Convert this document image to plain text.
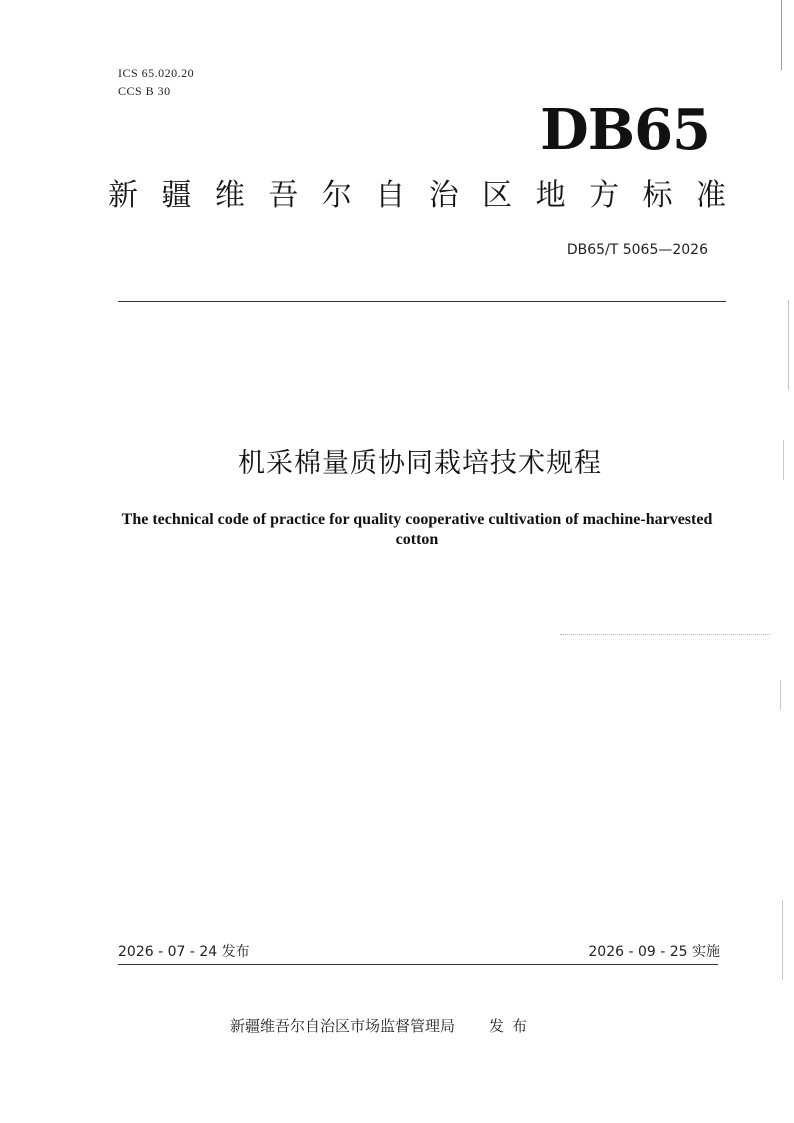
ICS 65.020.20
CCS B 30
DB65
新 疆 维 吾 尔 自 治 区 地 方 标 准
DB65/T 5065—2026
机采棉量质协同栽培技术规程
The technical code of practice for quality cooperative cultivation of machine-harvested cotton
2026 - 07 - 24 发布	2026 - 09 - 25 实施
新疆维吾尔自治区市场监督管理局 发布
